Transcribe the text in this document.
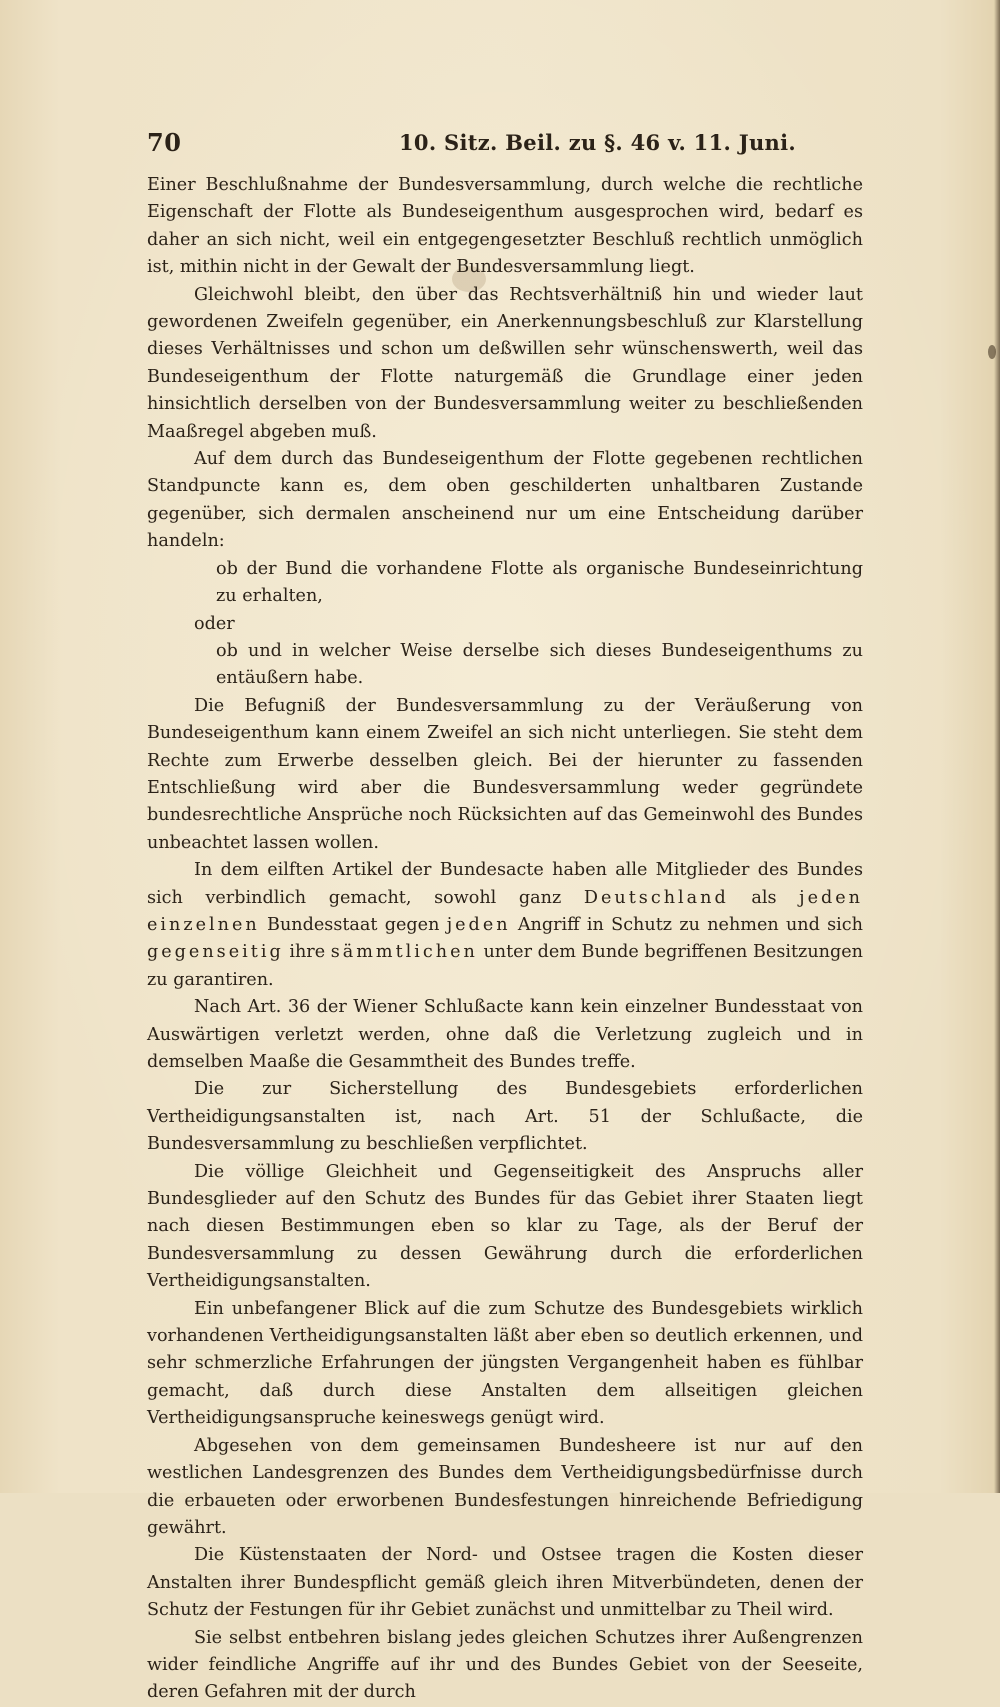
70	10. Sitz. Beil. zu §. 46 v. 11. Juni.

Einer Beschlußnahme der Bundesversammlung, durch welche die rechtliche Eigenschaft der Flotte als Bundeseigenthum ausgesprochen wird, bedarf es daher an sich nicht, weil ein entgegengesetzter Beschluß rechtlich unmöglich ist, mithin nicht in der Gewalt der Bundesversammlung liegt.

Gleichwohl bleibt, den über das Rechtsverhältniß hin und wieder laut gewordenen Zweifeln gegenüber, ein Anerkennungsbeschluß zur Klarstellung dieses Verhältnisses und schon um deßwillen sehr wünschenswerth, weil das Bundeseigenthum der Flotte naturgemäß die Grundlage einer jeden hinsichtlich derselben von der Bundesversammlung weiter zu beschließenden Maaßregel abgeben muß.

Auf dem durch das Bundeseigenthum der Flotte gegebenen rechtlichen Standpuncte kann es, dem oben geschilderten unhaltbaren Zustande gegenüber, sich dermalen anscheinend nur um eine Entscheidung darüber handeln:

ob der Bund die vorhandene Flotte als organische Bundeseinrichtung zu erhalten,

oder

ob und in welcher Weise derselbe sich dieses Bundeseigenthums zu entäußern habe.

Die Befugniß der Bundesversammlung zu der Veräußerung von Bundeseigenthum kann einem Zweifel an sich nicht unterliegen. Sie steht dem Rechte zum Erwerbe desselben gleich. Bei der hierunter zu fassenden Entschließung wird aber die Bundesversammlung weder gegründete bundesrechtliche Ansprüche noch Rücksichten auf das Gemeinwohl des Bundes unbeachtet lassen wollen.

In dem eilften Artikel der Bundesacte haben alle Mitglieder des Bundes sich verbindlich gemacht, sowohl ganz Deutschland als jeden einzelnen Bundesstaat gegen jeden Angriff in Schutz zu nehmen und sich gegenseitig ihre sämmtlichen unter dem Bunde begriffenen Besitzungen zu garantiren.

Nach Art. 36 der Wiener Schlußacte kann kein einzelner Bundesstaat von Auswärtigen verletzt werden, ohne daß die Verletzung zugleich und in demselben Maaße die Gesammtheit des Bundes treffe.

Die zur Sicherstellung des Bundesgebiets erforderlichen Vertheidigungsanstalten ist, nach Art. 51 der Schlußacte, die Bundesversammlung zu beschließen verpflichtet.

Die völlige Gleichheit und Gegenseitigkeit des Anspruchs aller Bundesglieder auf den Schutz des Bundes für das Gebiet ihrer Staaten liegt nach diesen Bestimmungen eben so klar zu Tage, als der Beruf der Bundesversammlung zu dessen Gewährung durch die erforderlichen Vertheidigungsanstalten.

Ein unbefangener Blick auf die zum Schutze des Bundesgebiets wirklich vorhandenen Vertheidigungsanstalten läßt aber eben so deutlich erkennen, und sehr schmerzliche Erfahrungen der jüngsten Vergangenheit haben es fühlbar gemacht, daß durch diese Anstalten dem allseitigen gleichen Vertheidigungsanspruche keineswegs genügt wird.

Abgesehen von dem gemeinsamen Bundesheere ist nur auf den westlichen Landesgrenzen des Bundes dem Vertheidigungsbedürfnisse durch die erbaueten oder erworbenen Bundesfestungen hinreichende Befriedigung gewährt.

Die Küstenstaaten der Nord- und Ostsee tragen die Kosten dieser Anstalten ihrer Bundespflicht gemäß gleich ihren Mitverbündeten, denen der Schutz der Festungen für ihr Gebiet zunächst und unmittelbar zu Theil wird.

Sie selbst entbehren bislang jedes gleichen Schutzes ihrer Außengrenzen wider feindliche Angriffe auf ihr und des Bundes Gebiet von der Seeseite, deren Gefahren mit der durch
